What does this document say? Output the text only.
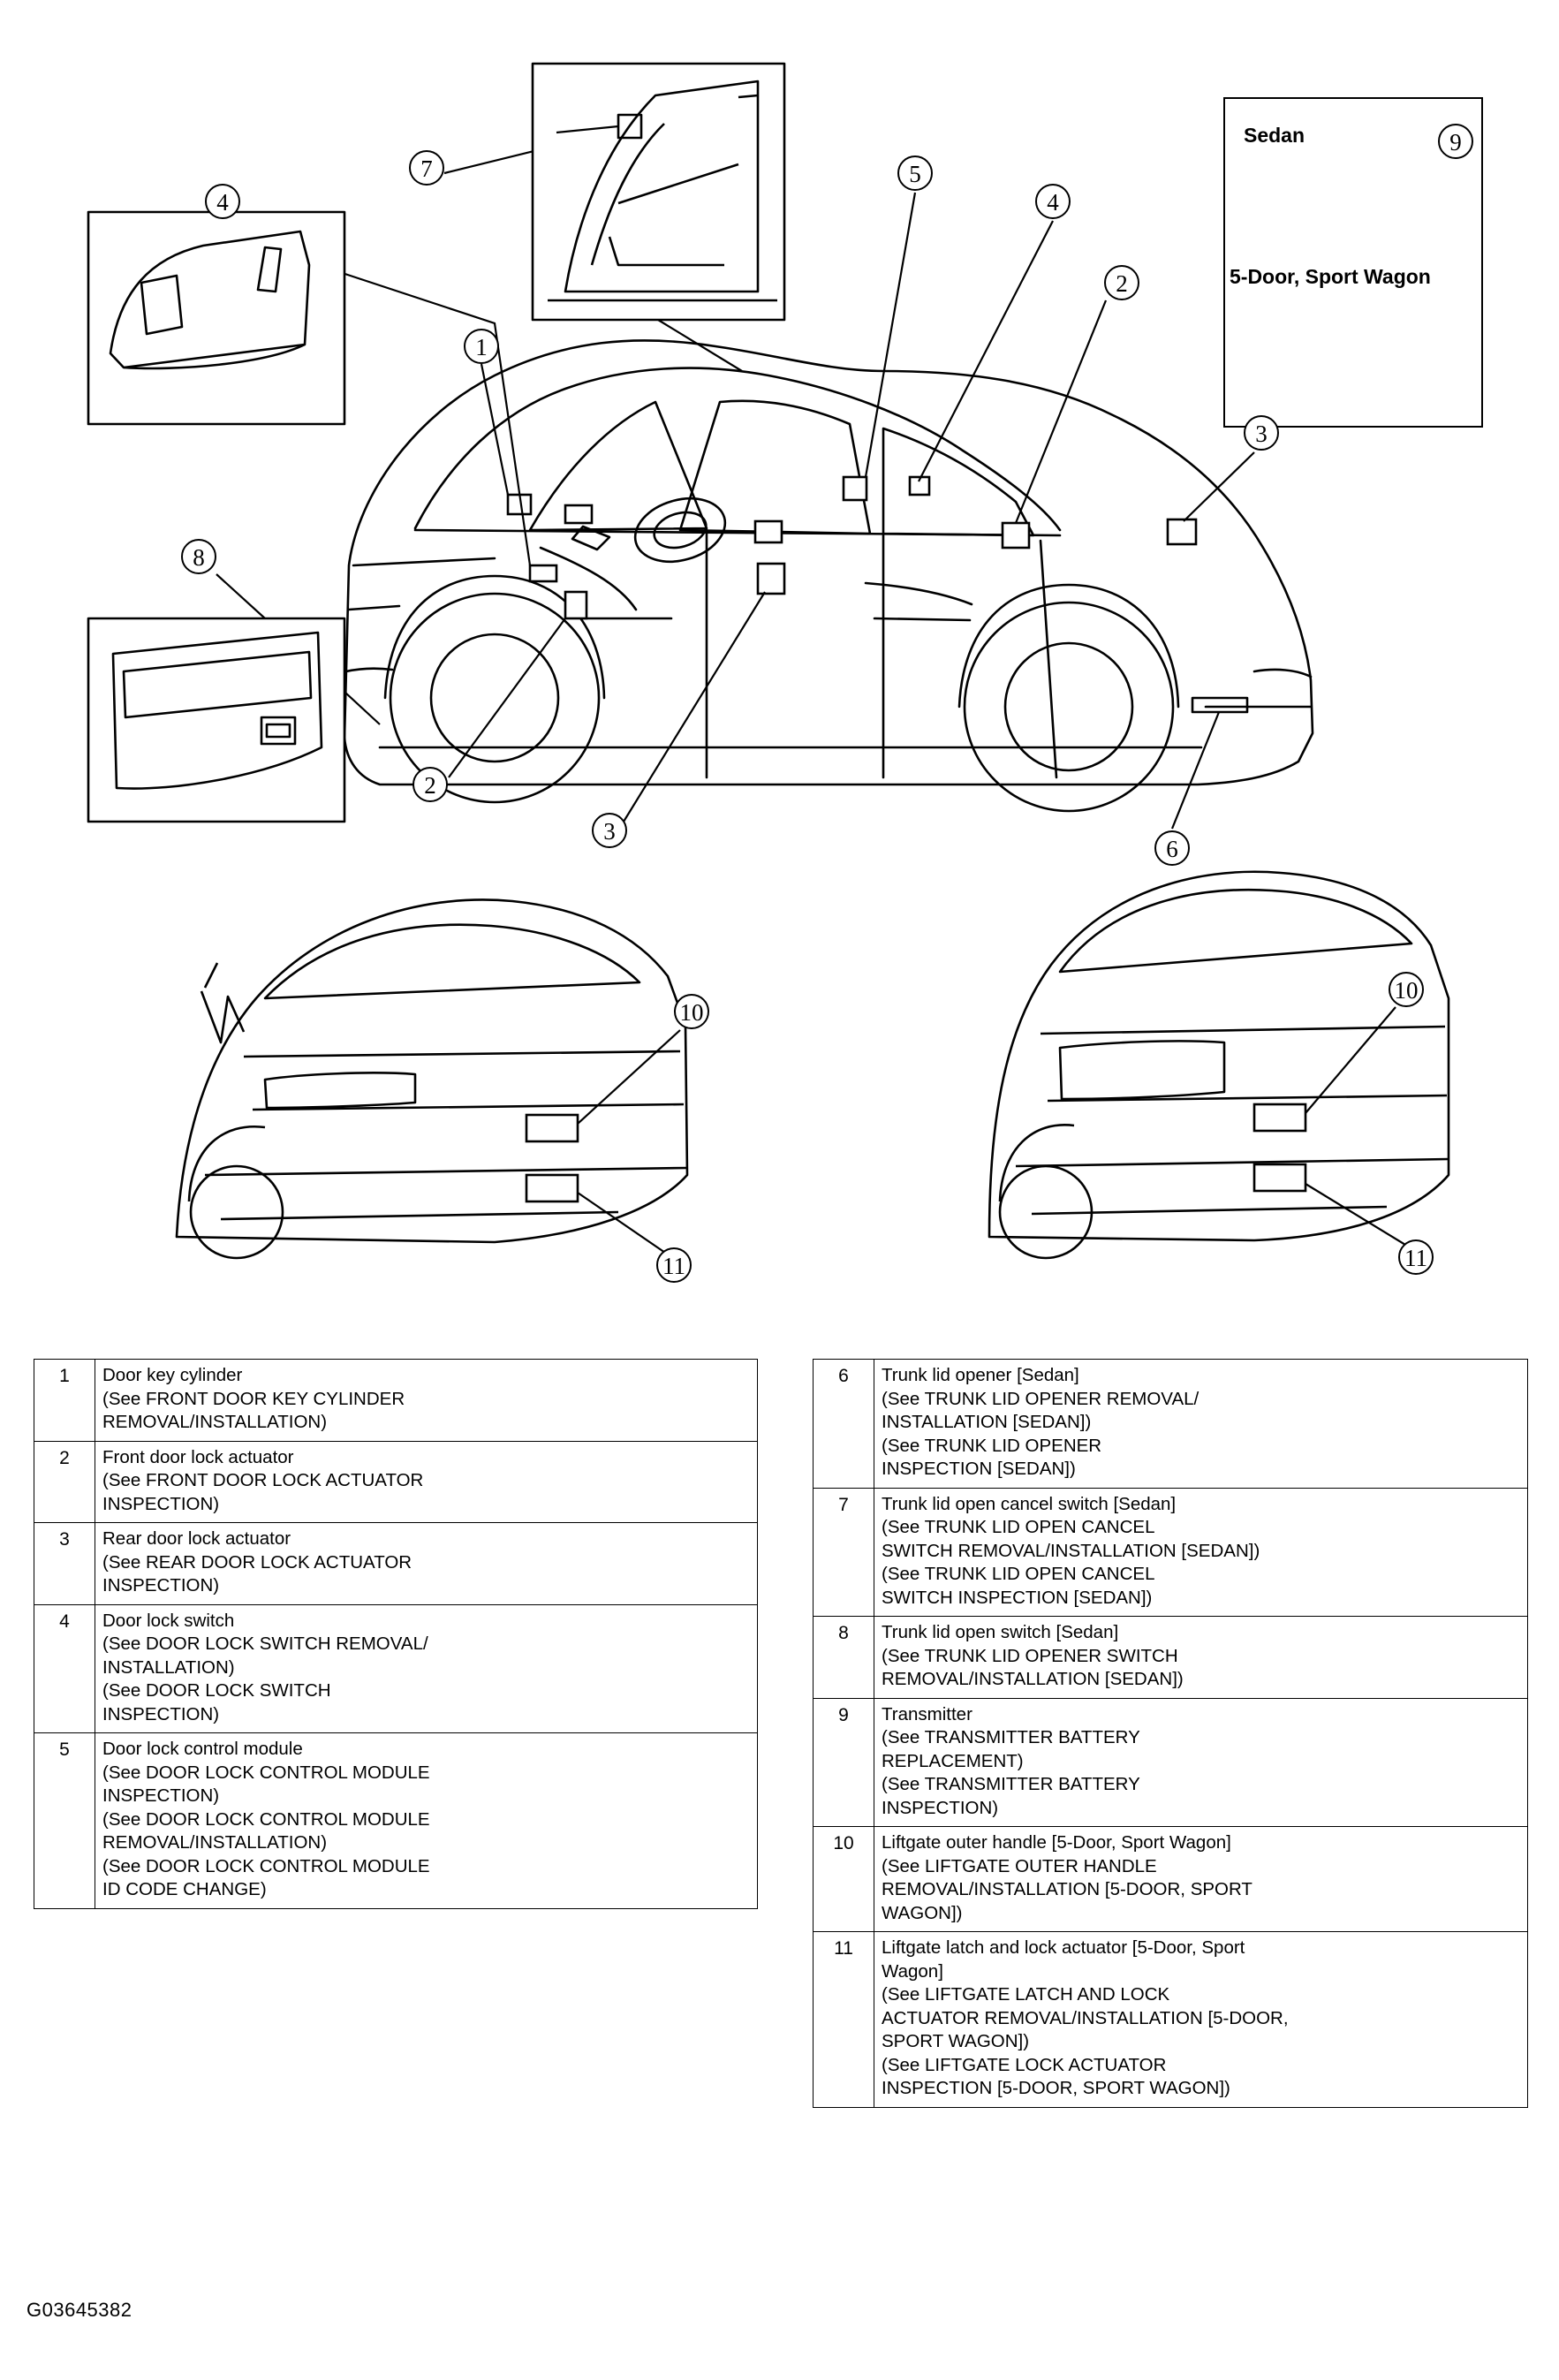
Sedan
5-Door, Sport Wagon
9
1
2
2
3
3
4	4
5
6
7
8
10
10
11	11
1	Door key cylinder
(See FRONT DOOR KEY CYLINDER
REMOVAL/INSTALLATION)

2	Front door lock actuator
(See FRONT DOOR LOCK ACTUATOR
INSPECTION)

3	Rear door lock actuator
(See REAR DOOR LOCK ACTUATOR
INSPECTION)

4	Door lock switch
(See DOOR LOCK SWITCH REMOVAL/
INSTALLATION)
(See DOOR LOCK SWITCH
INSPECTION)

5	Door lock control module
(See DOOR LOCK CONTROL MODULE
INSPECTION)
(See DOOR LOCK CONTROL MODULE
REMOVAL/INSTALLATION)
(See DOOR LOCK CONTROL MODULE
ID CODE CHANGE)
6	Trunk lid opener [Sedan]
(See TRUNK LID OPENER REMOVAL/
INSTALLATION [SEDAN])
(See TRUNK LID OPENER
INSPECTION [SEDAN])

7	Trunk lid open cancel switch [Sedan]
(See TRUNK LID OPEN CANCEL
SWITCH REMOVAL/INSTALLATION [SEDAN])
(See TRUNK LID OPEN CANCEL
SWITCH INSPECTION [SEDAN])

8	Trunk lid open switch [Sedan]
(See TRUNK LID OPENER SWITCH
REMOVAL/INSTALLATION [SEDAN])

9	Transmitter
(See TRANSMITTER BATTERY
REPLACEMENT)
(See TRANSMITTER BATTERY
INSPECTION)

10	Liftgate outer handle [5-Door, Sport Wagon]
(See LIFTGATE OUTER HANDLE
REMOVAL/INSTALLATION [5-DOOR, SPORT
WAGON])

11	Liftgate latch and lock actuator [5-Door, Sport
Wagon]
(See LIFTGATE LATCH AND LOCK
ACTUATOR REMOVAL/INSTALLATION [5-DOOR,
SPORT WAGON])
(See LIFTGATE LOCK ACTUATOR
INSPECTION [5-DOOR, SPORT WAGON])
G03645382
